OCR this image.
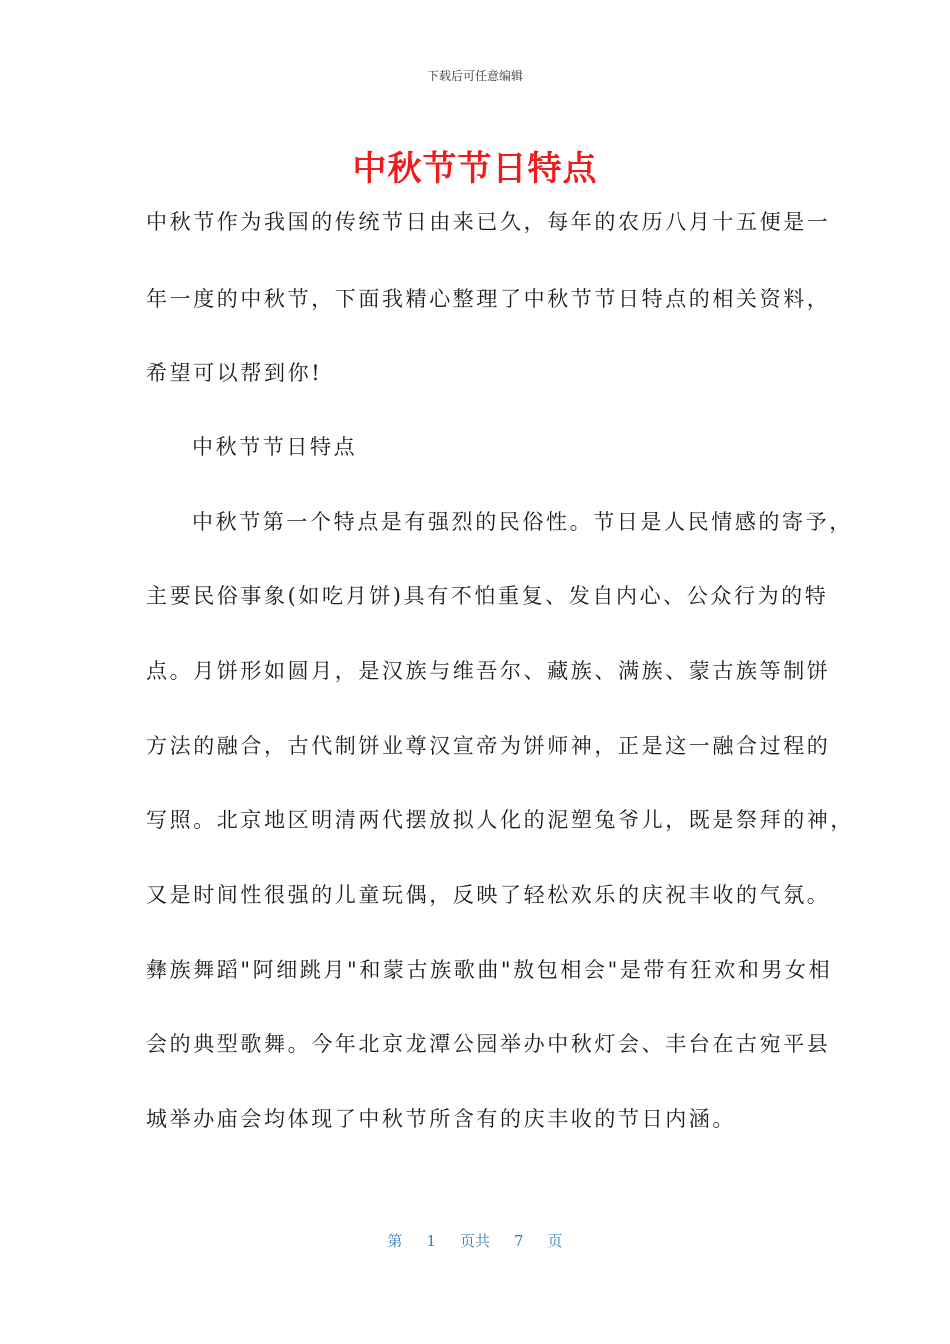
下载后可任意编辑
中秋节节日特点
中秋节作为我国的传统节日由来已久，每年的农历八月十五便是一
年一度的中秋节，下面我精心整理了中秋节节日特点的相关资料，
希望可以帮到你!
中秋节节日特点
中秋节第一个特点是有强烈的民俗性。节日是人民情感的寄予，
主要民俗事象(如吃月饼)具有不怕重复、发自内心、公众行为的特
点。月饼形如圆月，是汉族与维吾尔、藏族、满族、蒙古族等制饼
方法的融合，古代制饼业尊汉宣帝为饼师神，正是这一融合过程的
写照。北京地区明清两代摆放拟人化的泥塑兔爷儿，既是祭拜的神，
又是时间性很强的儿童玩偶，反映了轻松欢乐的庆祝丰收的气氛。
彝族舞蹈"阿细跳月"和蒙古族歌曲"敖包相会"是带有狂欢和男女相
会的典型歌舞。今年北京龙潭公园举办中秋灯会、丰台在古宛平县
城举办庙会均体现了中秋节所含有的庆丰收的节日内涵。
第 1 页共 7 页
